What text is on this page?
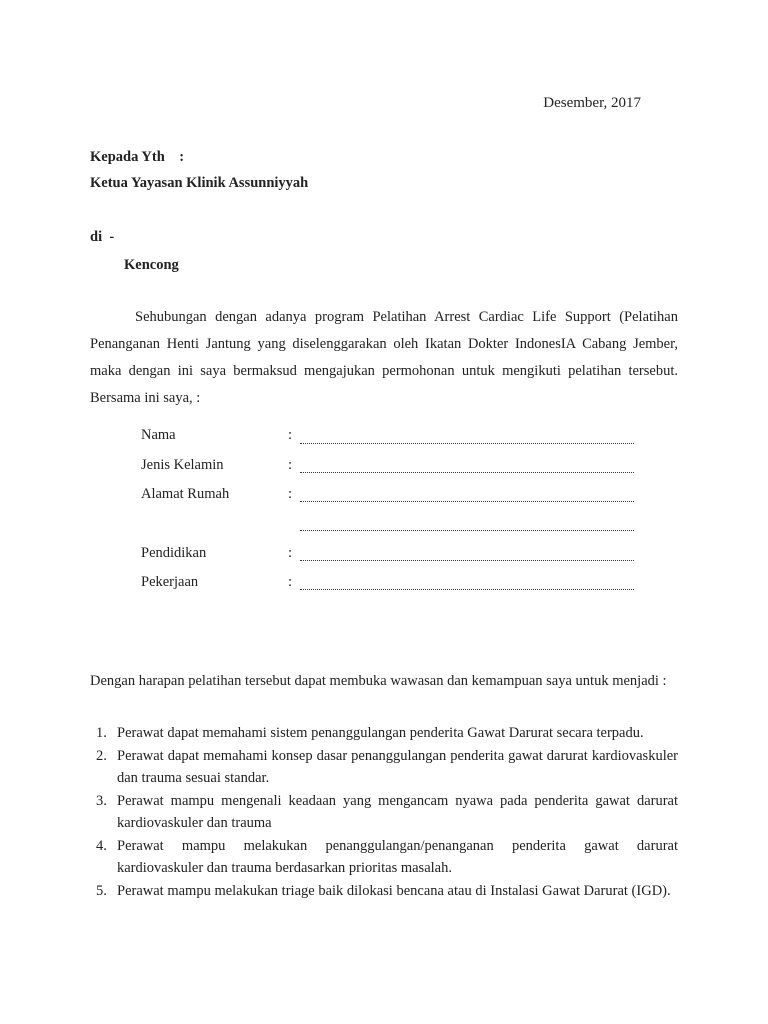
Desember, 2017
Kepada Yth    :
Ketua Yayasan Klinik Assunniyyah
di  -
Kencong
Sehubungan dengan adanya program Pelatihan Arrest Cardiac Life Support (Pelatihan Penanganan Henti Jantung yang diselenggarakan oleh Ikatan Dokter IndonesIA Cabang Jember, maka dengan ini saya bermaksud mengajukan permohonan untuk mengikuti pelatihan tersebut. Bersama ini saya, :
Nama	:
Jenis Kelamin	:
Alamat Rumah	:
Pendidikan	:
Pekerjaan	:
Dengan harapan pelatihan tersebut dapat membuka wawasan dan kemampuan saya untuk menjadi :
1. Perawat dapat memahami sistem penanggulangan penderita Gawat Darurat secara terpadu.
2. Perawat dapat memahami konsep dasar penanggulangan penderita gawat darurat kardiovaskuler dan trauma sesuai standar.
3. Perawat mampu mengenali keadaan yang mengancam nyawa pada penderita gawat darurat kardiovaskuler dan trauma
4. Perawat mampu melakukan penanggulangan/penanganan penderita gawat darurat kardiovaskuler dan trauma berdasarkan prioritas masalah.
5. Perawat mampu melakukan triage baik dilokasi bencana atau di Instalasi Gawat Darurat (IGD).
